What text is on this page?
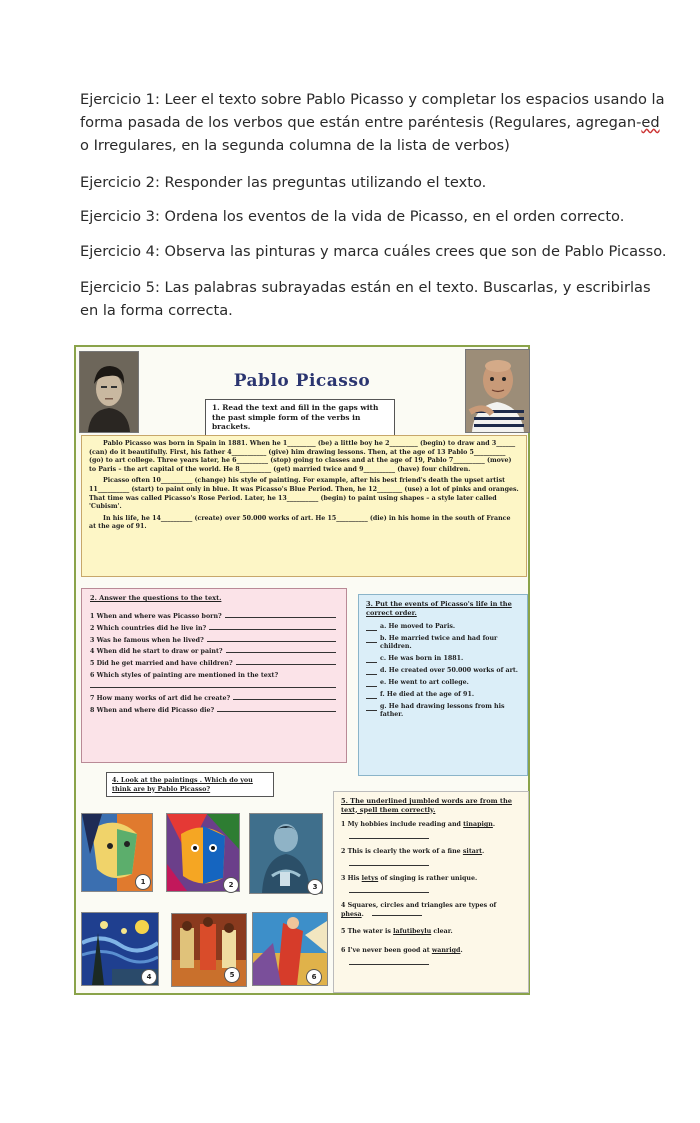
Ejercicio 1: Leer el texto sobre Pablo Picasso y completar los espacios usando la forma pasada de los verbos que están entre paréntesis (Regulares, agregan-ed o Irregulares, en la segunda columna de la lista de verbos)

Ejercicio 2: Responder las preguntas utilizando el texto.
Ejercicio 3: Ordena los eventos de la vida de Picasso, en el orden correcto.
Ejercicio 4: Observa las pinturas y marca cuáles crees que son de Pablo Picasso.
Ejercicio 5: Las palabras subrayadas están en el texto. Buscarlas, y escribirlas en la forma correcta.
Pablo Picasso
1. Read the text and fill in the gaps with the past simple form of the verbs in brackets.

Pablo Picasso was born in Spain in 1881. When he 1_________ (be) a little boy he 2_________ (begin) to draw and 3______ (can) do it beautifully. First, his father 4___________ (give) him drawing lessons. Then, at the age of 13 Pablo 5__________ (go) to art college. Three years later, he 6__________ (stop) going to classes and at the age of 19, Pablo 7__________ (move) to Paris – the art capital of the world. He 8__________ (get) married twice and 9__________ (have) four children.

Picasso often 10__________ (change) his style of painting. For example, after his best friend's death the upset artist 11__________ (start) to paint only in blue. It was Picasso's Blue Period. Then, he 12________ (use) a lot of pinks and oranges. That time was called Picasso's Rose Period. Later, he 13__________ (begin) to paint using shapes – a style later called 'Cubism'.

In his life, he 14__________ (create) over 50.000 works of art. He 15__________ (die) in his home in the south of France at the age of 91.

2. Answer the questions to the text.
1 When and where was Picasso born?
2 Which countries did he live in?
3 Was he famous when he lived?
4 When did he start to draw or paint?
5 Did he get married and have children?
6 Which styles of painting are mentioned in the text?
7 How many works of art did he create?
8 When and where did Picasso die?
3. Put the events of Picasso's life in the correct order.
a. He moved to Paris.
b. He married twice and had four children.
c. He was born in 1881.
d. He created over 50.000 works of art.
e. He went to art college.
f. He died at the age of 91.
g. He had drawing lessons from his father.
4. Look at the paintings . Which do you think are by Pablo Picasso?
1	2	3
4	5	6
5. The underlined jumbled words are from the text, spell them correctly.
1 My hobbies include reading and tinapign.
2 This is clearly the work of a fine sitart.
3 His letys of singing is rather unique.
4 Squares, circles and triangles are types of phesa.
5 The water is lafutibeylu clear.
6 I've never been good at wanrigd.
